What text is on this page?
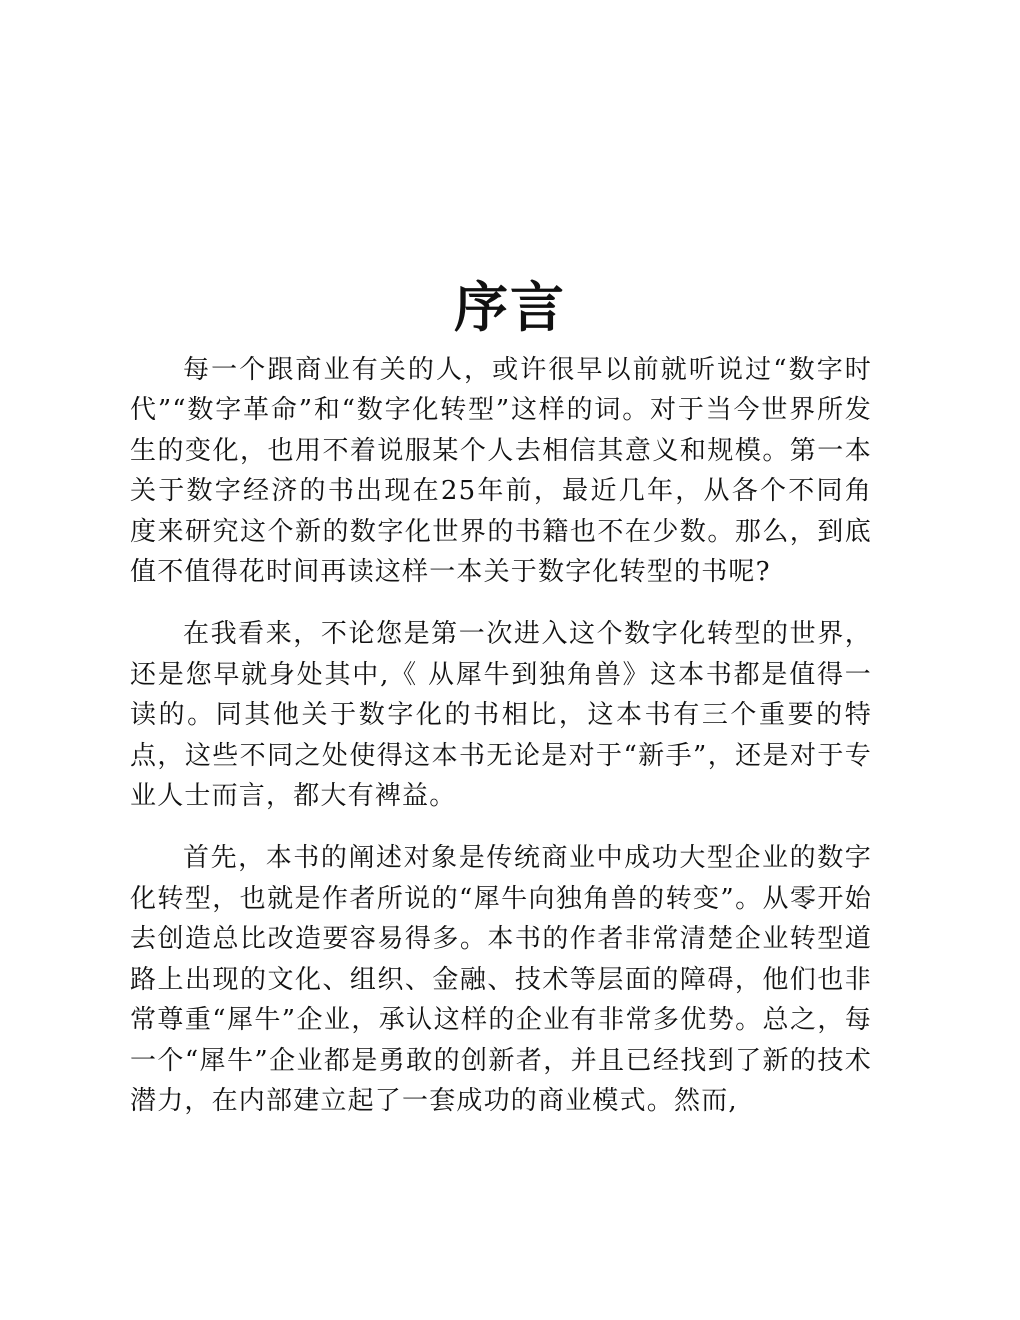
序言

每一个跟商业有关的人，或许很早以前就听说过“数字时代”“数字革命”和“数字化转型”这样的词。对于当今世界所发生的变化，也用不着说服某个人去相信其意义和规模。第一本关于数字经济的书出现在25年前，最近几年，从各个不同角度来研究这个新的数字化世界的书籍也不在少数。那么，到底值不值得花时间再读这样一本关于数字化转型的书呢?

在我看来，不论您是第一次进入这个数字化转型的世界，还是您早就身处其中,《 从犀牛到独角兽》这本书都是值得一读的。同其他关于数字化的书相比，这本书有三个重要的特点，这些不同之处使得这本书无论是对于“新手”，还是对于专业人士而言，都大有裨益。

首先，本书的阐述对象是传统商业中成功大型企业的数字化转型，也就是作者所说的“犀牛向独角兽的转变”。从零开始去创造总比改造要容易得多。本书的作者非常清楚企业转型道路上出现的文化、组织、金融、技术等层面的障碍，他们也非常尊重“犀牛”企业，承认这样的企业有非常多优势。总之，每一个“犀牛”企业都是勇敢的创新者，并且已经找到了新的技术潜力，在内部建立起了一套成功的商业模式。然而,
